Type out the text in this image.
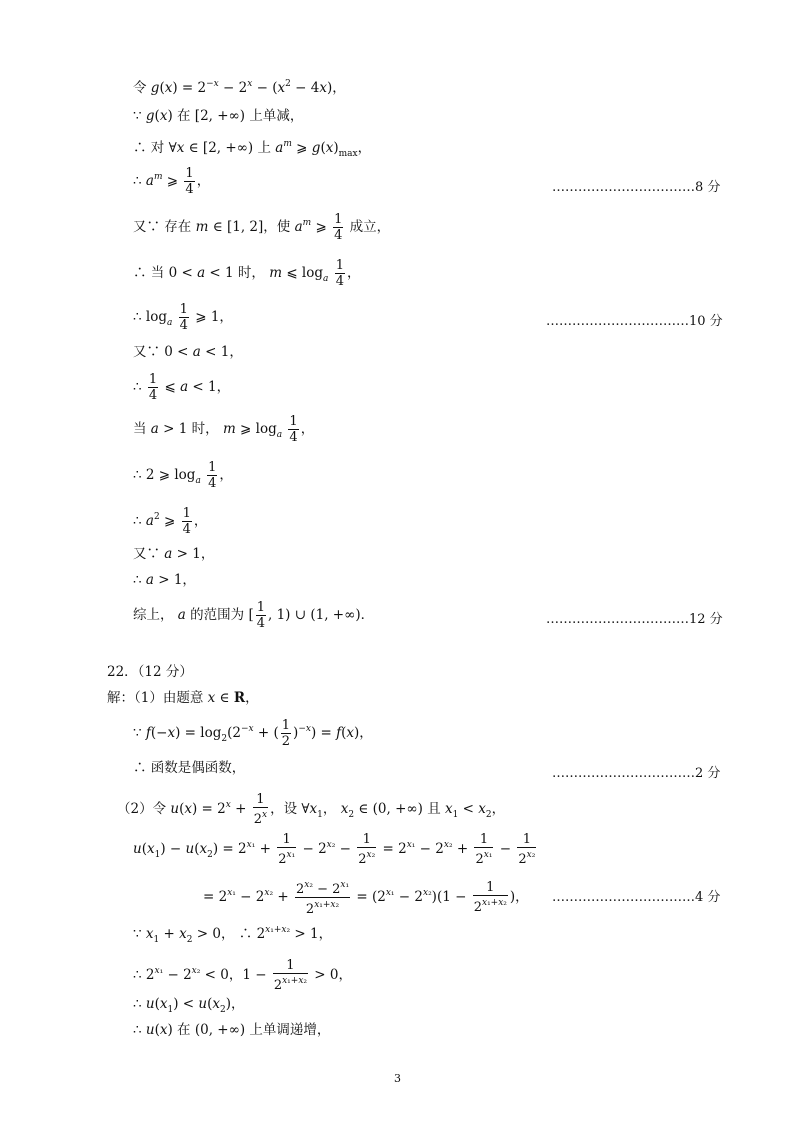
令 $g(x) = 2^{-x} - 2^x - (x^2 - 4x)$，
∵ g(x) 在 [2, +∞) 上单减，
∴ 对 ∀x ∈ [2, +∞) 上 $a^m$ ⩾ $g(x)_{max}$，
∴ $a^m$ ⩾ $\frac{1}{4}$ ，	……………………………8 分
又∵ 存在 m ∈ [1, 2]，使 $a^m$ ⩾ $\frac{1}{4}$ 成立，
∴ 当 0 < a < 1 时， m ⩽ $\log_a \frac{1}{4}$ ，
∴ $\log_a \frac{1}{4}$ ⩾ 1，	……………………………10 分
又∵ 0 < a < 1，
∴ $\frac{1}{4}$ ⩽ a < 1，
当 a > 1 时， m ⩾ $\log_a \frac{1}{4}$ ，
∴ 2 ⩾ $\log_a \frac{1}{4}$ ，
∴ $a^2$ ⩾ $\frac{1}{4}$ ，
又∵ a > 1，
∴ a > 1，
综上， a 的范围为 [ $\frac{1}{4}$ , 1) ∪ (1, +∞)．	……………………………12 分
22．（12 分）
解：（1）由题意 x ∈ R，
∵ $f(-x) = \log_2(2^{-x}$ + ( $\frac{1}{2} )^{-x}) = f(x)$，
∴ 函数是偶函数，	……………………………2 分
（2）令 $u(x) = 2^x + \frac{1}{2^x}$ ，设 $\forall x_1$， $x_2$ ∈ (0, +∞) 且 $x_1 < x_2$，
$u(x_1) - u(x_2) = 2^{x_1} + \frac{1}{2^{x_1}} - 2^{x_2} - \frac{1}{2^{x_2}} = 2^{x_1} - 2^{x_2} + \frac{1}{2^{x_1}} - \frac{1}{2^{x_2}}$
= $2^{x_1} - 2^{x_2} + \frac{2^{x_2} - 2^{x_1}}{2^{x_1+x_2}} = (2^{x_1} - 2^{x_2})(1 - \frac{1}{2^{x_1+x_2}}$ )， ……………………………4 分
∵ $x_1 + x_2 > 0$， ∴ $2^{x_1+x_2} > 1$，
∴ $2^{x_1} - 2^{x_2} < 0$，$1 - \frac{1}{2^{x_1+x_2}} > 0$，
∴ $u(x_1) < u(x_2)$，
∴ u(x) 在 (0, +∞) 上单调递增，
3
